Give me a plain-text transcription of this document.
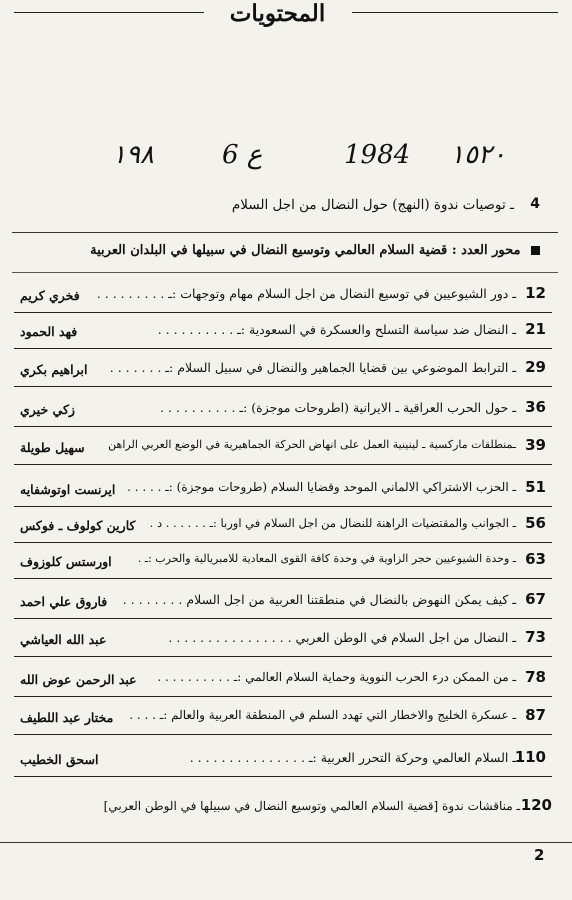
المحتويات
١٥٢٠
1984
ع 6
١٩٨
4
ـ توصيات ندوة (النهج) حول النضال من اجل السلام
محور العدد : قضية السلام العالمي وتوسيع النضال في سبيلها في البلدان العربية
12
ـ دور الشيوعيين في توسيع النضال من اجل السلام مهام وتوجهات :ـ . . . . . . . . .
فخري كريم
21
ـ النضال ضد سياسة التسلح والعسكرة في السعودية :ـ . . . . . . . . . .
فهد الحمود
29
ـ الترابط الموضوعي بين قضايا الجماهير والنضال في سبيل السلام :ـ . . . . . . .
ابراهيم بكري
36
ـ حول الحرب العراقية ـ الايرانية (اطروحات موجزة) :ـ . . . . . . . . . .
زكي خيري
39
ـمنطلقات ماركسية ـ لينينية العمل على انهاض الحركة الجماهيرية في الوضع العربي الراهن
سهيل طويلة
51
ـ الحزب الاشتراكي الالماني الموحد وقضايا السلام (طروحات موجزة) :ـ . . . . .
ايرنست اوتوشفايه
56
ـ الجوانب والمقتضيات الراهنة للنضال من اجل السلام في اوربا :ـ . . . . . . د .
كارين كولوف ـ فوكس
63
ـ وحدة الشيوعيين حجر الزاوية في وحدة كافة القوى المعادية للامبريالية والحرب :ـ .
اورستس كلوزوف
67
ـ كيف يمكن النهوض بالنضال في منطقتنا العربية من اجل السلام . . . . . . . .
فاروق علي احمد
73
ـ النضال من اجل السلام في الوطن العربي . . . . . . . . . . . . . . . .
عبد الله العياشي
78
ـ من الممكن درء الحرب النووية وحماية السلام العالمي :ـ . . . . . . . . . .
عبد الرحمن عوض الله
87
ـ عسكرة الخليج والاخطار التي تهدد السلم في المنطقة العربية والعالم :ـ . . . .
مختار عبد اللطيف
110
ـ السلام العالمي وحركة التحرر العربية :ـ . . . . . . . . . . . . . . .
اسحق الخطيب
120
ـ مناقشات ندوة [قضية السلام العالمي وتوسيع النضال في سبيلها في الوطن العربي]
2
